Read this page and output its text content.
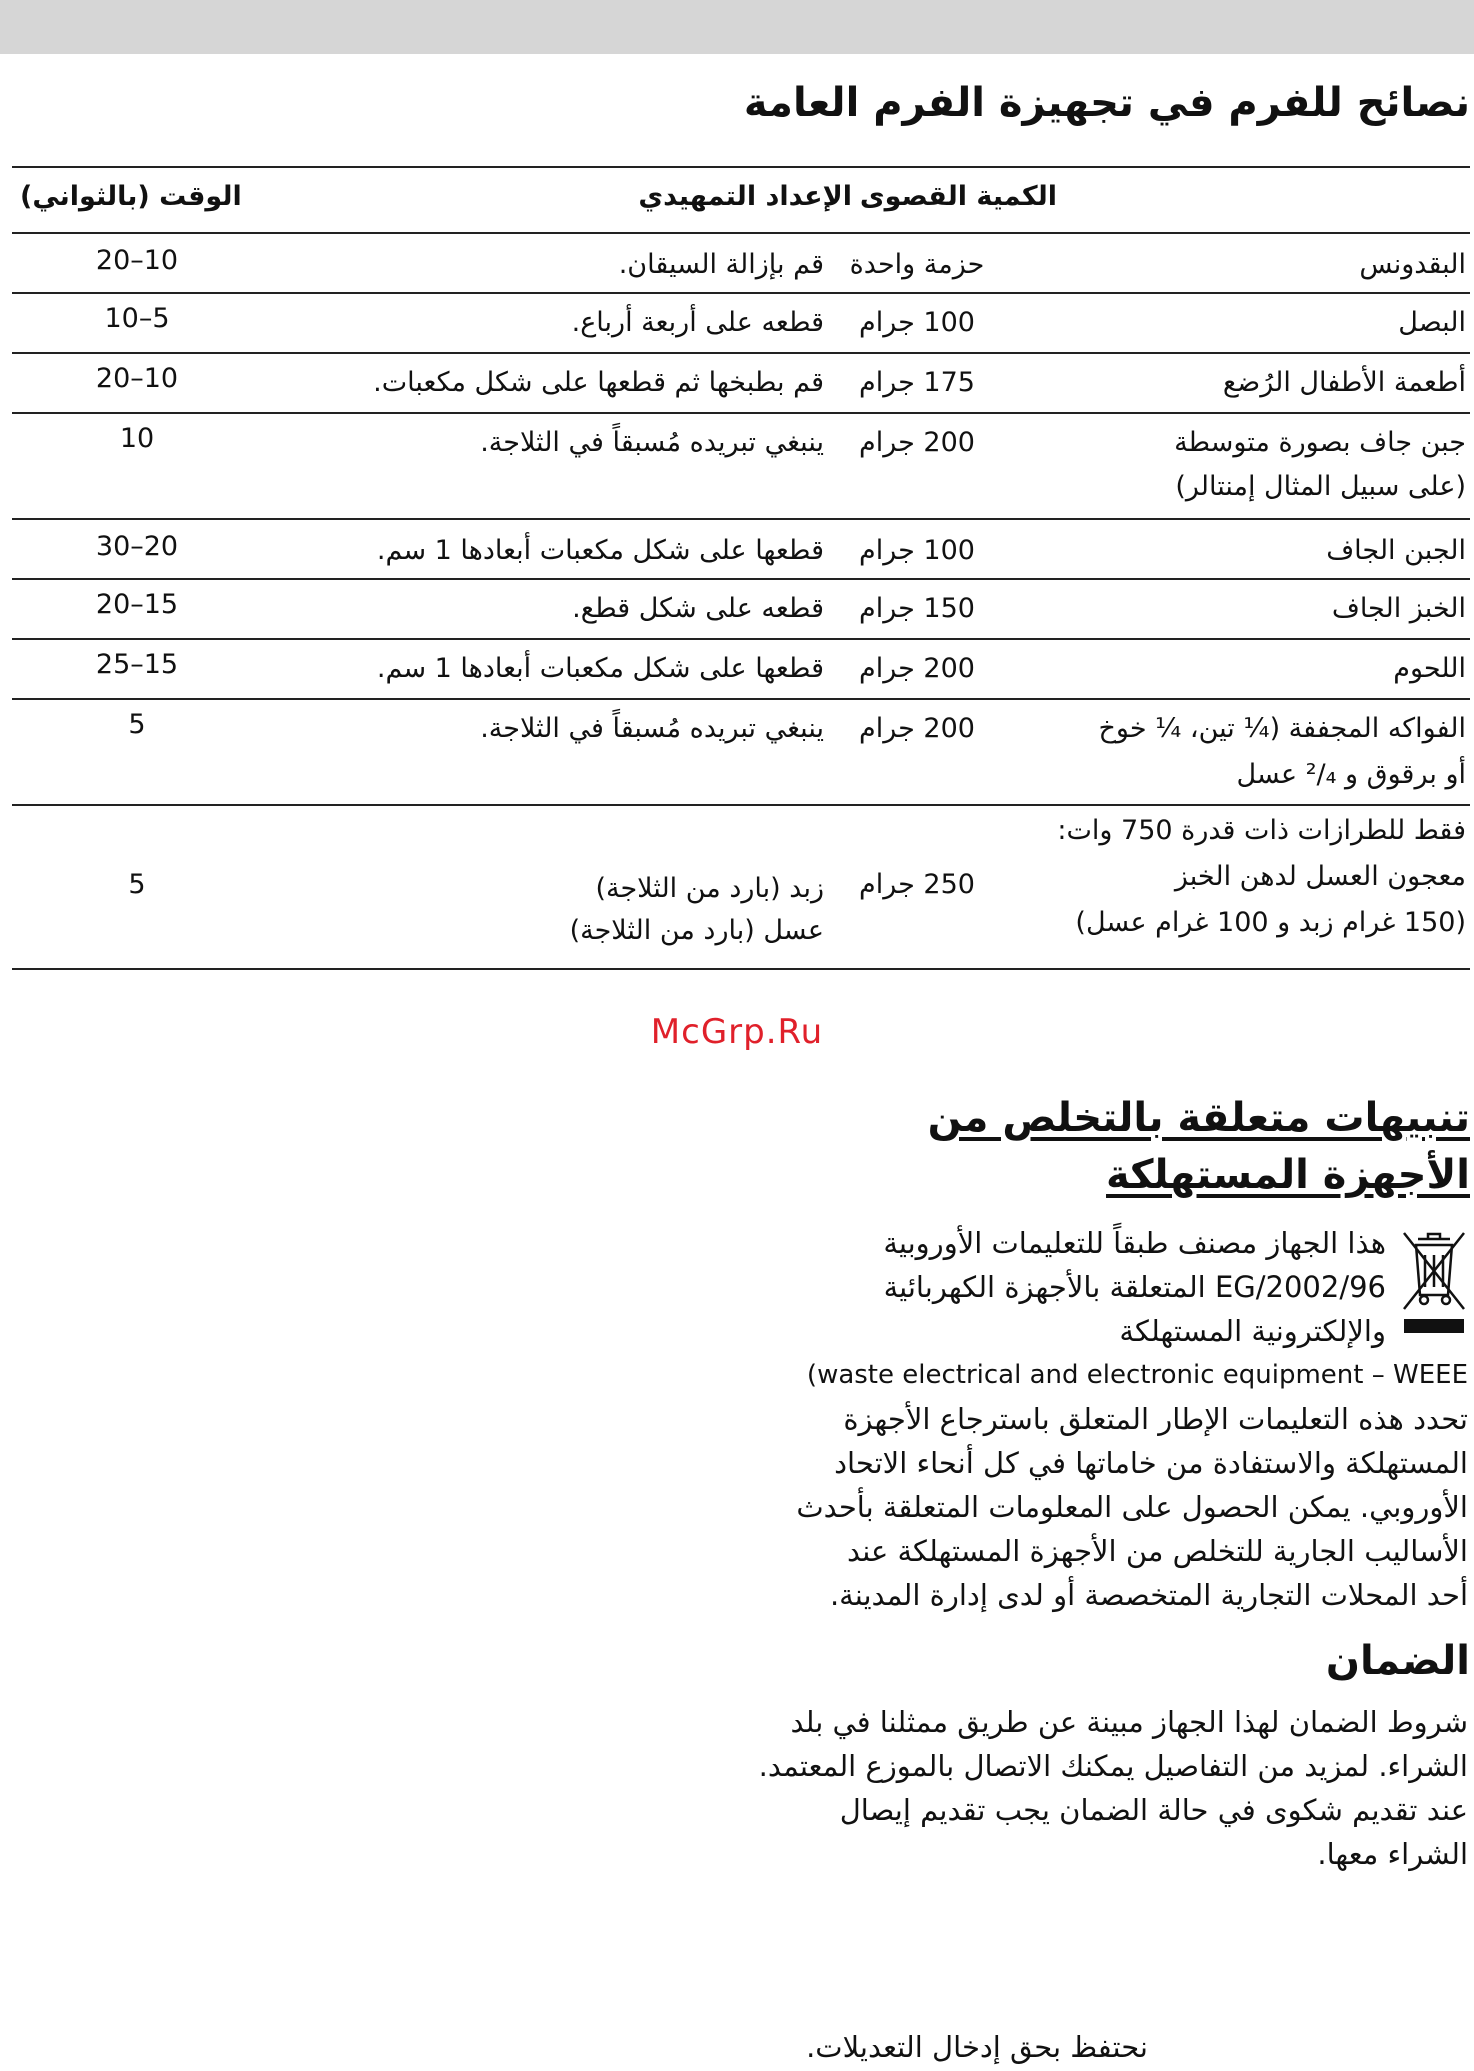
نصائح للفرم في تجهيزة الفرم العامة
الكمية القصوى
الإعداد التمهيدي
الوقت (بالثواني)
البقدونس
حزمة واحدة
قم بإزالة السيقان.
10–20
البصل
100 جرام
قطعه على أربعة أرباع.
5–10
أطعمة الأطفال الرُضع
175 جرام
قم بطبخها ثم قطعها على شكل مكعبات.
10–20
جبن جاف بصورة متوسطة
(على سبيل المثال إمنتالر)
200 جرام
ينبغي تبريده مُسبقاً في الثلاجة.
10
الجبن الجاف
100 جرام
قطعها على شكل مكعبات أبعادها 1 سم.
20–30
الخبز الجاف
150 جرام
قطعه على شكل قطع.
15–20
اللحوم
200 جرام
قطعها على شكل مكعبات أبعادها 1 سم.
15–25
الفواكه المجففة (¼ تين، ¼ خوخ
أو برقوق و ²/₄ عسل
200 جرام
ينبغي تبريده مُسبقاً في الثلاجة.
5
فقط للطرازات ذات قدرة 750 وات:
معجون العسل لدهن الخبز
(150 غرام زبد و 100 غرام عسل)
250 جرام
زبد (بارد من الثلاجة)
عسل (بارد من الثلاجة)
5
McGrp.Ru
تنبيهات متعلقة بالتخلص من
الأجهزة المستهلكة
هذا الجهاز مصنف طبقاً للتعليمات الأوروبية
2002/96/EG المتعلقة بالأجهزة الكهربائية
والإلكترونية المستهلكة
(waste electrical and electronic equipment – WEEE
تحدد هذه التعليمات الإطار المتعلق باسترجاع الأجهزة
المستهلكة والاستفادة من خاماتها في كل أنحاء الاتحاد
الأوروبي. يمكن الحصول على المعلومات المتعلقة بأحدث
الأساليب الجارية للتخلص من الأجهزة المستهلكة عند
أحد المحلات التجارية المتخصصة أو لدى إدارة المدينة.
الضمان
شروط الضمان لهذا الجهاز مبينة عن طريق ممثلنا في بلد
الشراء. لمزيد من التفاصيل يمكنك الاتصال بالموزع المعتمد.
عند تقديم شكوى في حالة الضمان يجب تقديم إيصال
الشراء معها.
نحتفظ بحق إدخال التعديلات.
